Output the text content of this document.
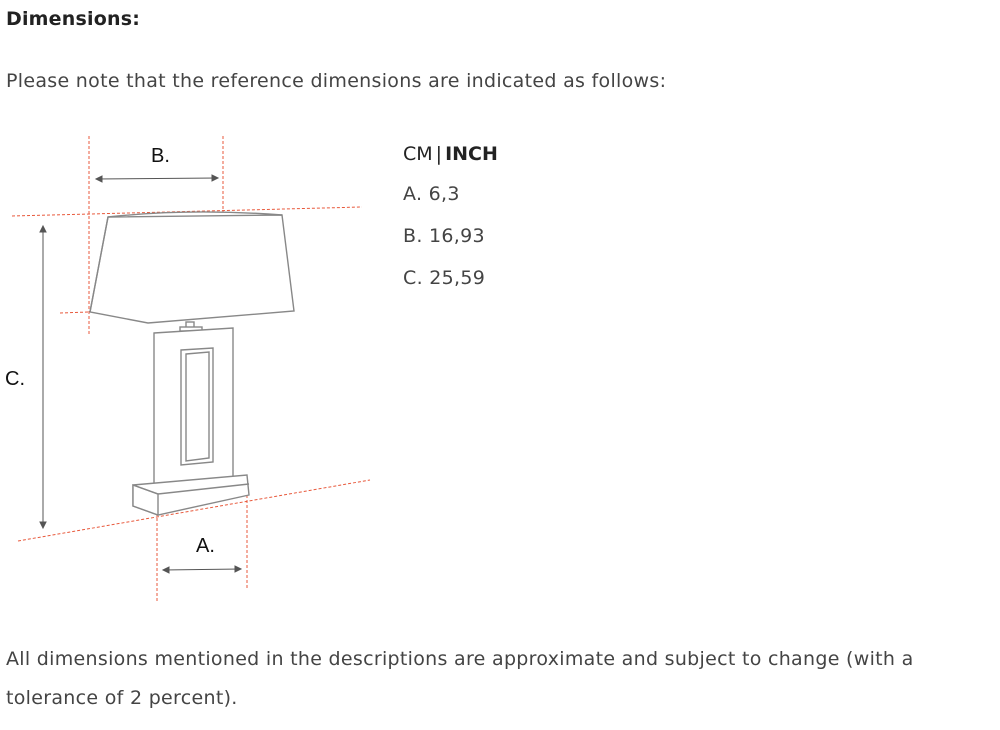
Dimensions:

Please note that the reference dimensions are indicated as follows:

B.
C.
A.
CM | INCH
A. 6,3
B. 16,93
C. 25,59

All dimensions mentioned in the descriptions are approximate and subject to change (with a tolerance of 2 percent).
